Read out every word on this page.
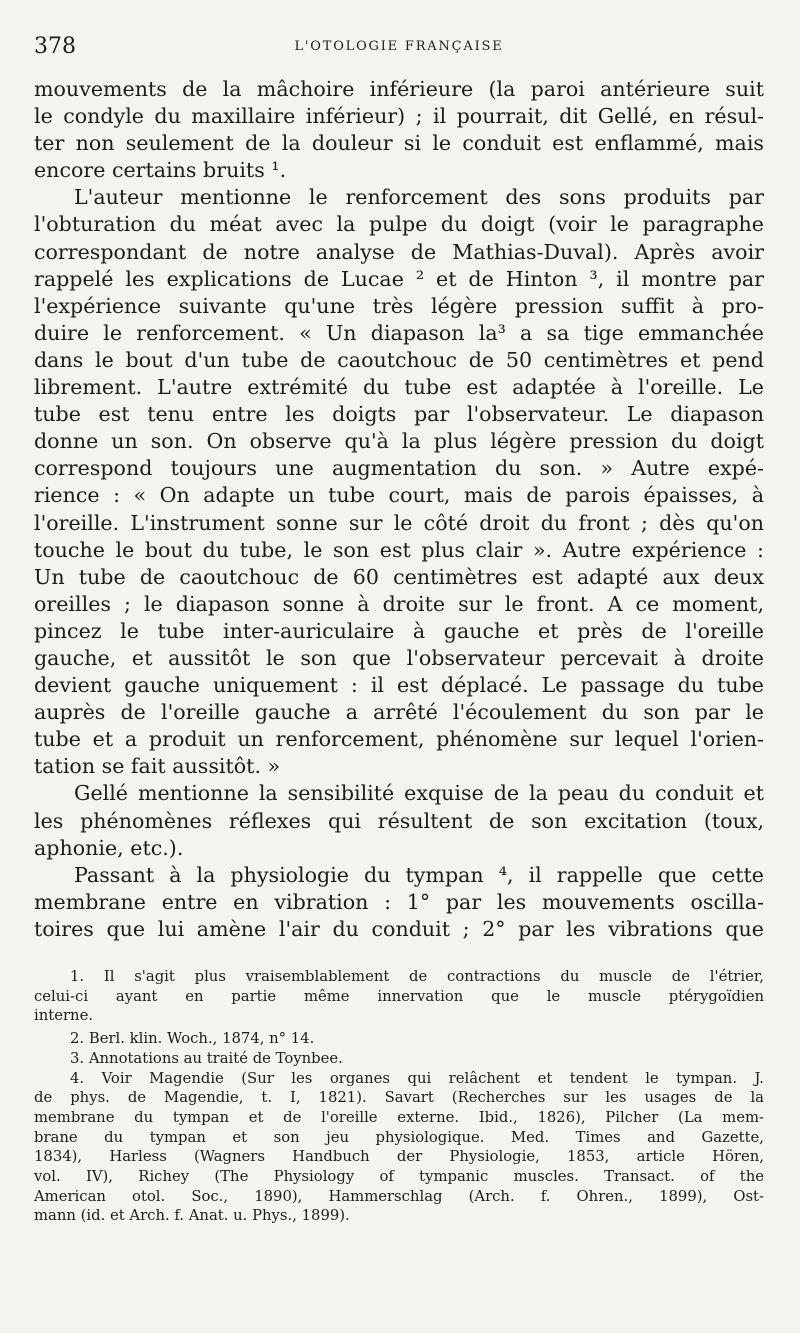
378	L'OTOLOGIE FRANÇAISE
mouvements de la mâchoire inférieure (la paroi antérieure suit
le condyle du maxillaire inférieur) ; il pourrait, dit Gellé, en résul-
ter non seulement de la douleur si le conduit est enflammé, mais
encore certains bruits ¹.
L'auteur mentionne le renforcement des sons produits par
l'obturation du méat avec la pulpe du doigt (voir le paragraphe
correspondant de notre analyse de Mathias-Duval). Après avoir
rappelé les explications de Lucae ² et de Hinton ³, il montre par
l'expérience suivante qu'une très légère pression suffit à pro-
duire le renforcement. « Un diapason la³ a sa tige emmanchée
dans le bout d'un tube de caoutchouc de 50 centimètres et pend
librement. L'autre extrémité du tube est adaptée à l'oreille. Le
tube est tenu entre les doigts par l'observateur. Le diapason
donne un son. On observe qu'à la plus légère pression du doigt
correspond toujours une augmentation du son. » Autre expé-
rience : « On adapte un tube court, mais de parois épaisses, à
l'oreille. L'instrument sonne sur le côté droit du front ; dès qu'on
touche le bout du tube, le son est plus clair ». Autre expérience :
Un tube de caoutchouc de 60 centimètres est adapté aux deux
oreilles ; le diapason sonne à droite sur le front. A ce moment,
pincez le tube inter-auriculaire à gauche et près de l'oreille
gauche, et aussitôt le son que l'observateur percevait à droite
devient gauche uniquement : il est déplacé. Le passage du tube
auprès de l'oreille gauche a arrêté l'écoulement du son par le
tube et a produit un renforcement, phénomène sur lequel l'orien-
tation se fait aussitôt. »
Gellé mentionne la sensibilité exquise de la peau du conduit et
les phénomènes réflexes qui résultent de son excitation (toux,
aphonie, etc.).
Passant à la physiologie du tympan ⁴, il rappelle que cette
membrane entre en vibration : 1° par les mouvements oscilla-
toires que lui amène l'air du conduit ; 2° par les vibrations que
1. Il s'agit plus vraisemblablement de contractions du muscle de l'étrier,
celui-ci ayant en partie même innervation que le muscle ptérygoïdien
interne.
2. Berl. klin. Woch., 1874, n° 14.
3. Annotations au traité de Toynbee.
4. Voir Magendie (Sur les organes qui relâchent et tendent le tympan. J.
de phys. de Magendie, t. I, 1821). Savart (Recherches sur les usages de la
membrane du tympan et de l'oreille externe. Ibid., 1826), Pilcher (La mem-
brane du tympan et son jeu physiologique. Med. Times and Gazette,
1834), Harless (Wagners Handbuch der Physiologie, 1853, article Hören,
vol. IV), Richey (The Physiology of tympanic muscles. Transact. of the
American otol. Soc., 1890), Hammerschlag (Arch. f. Ohren., 1899), Ost-
mann (id. et Arch. f. Anat. u. Phys., 1899).
